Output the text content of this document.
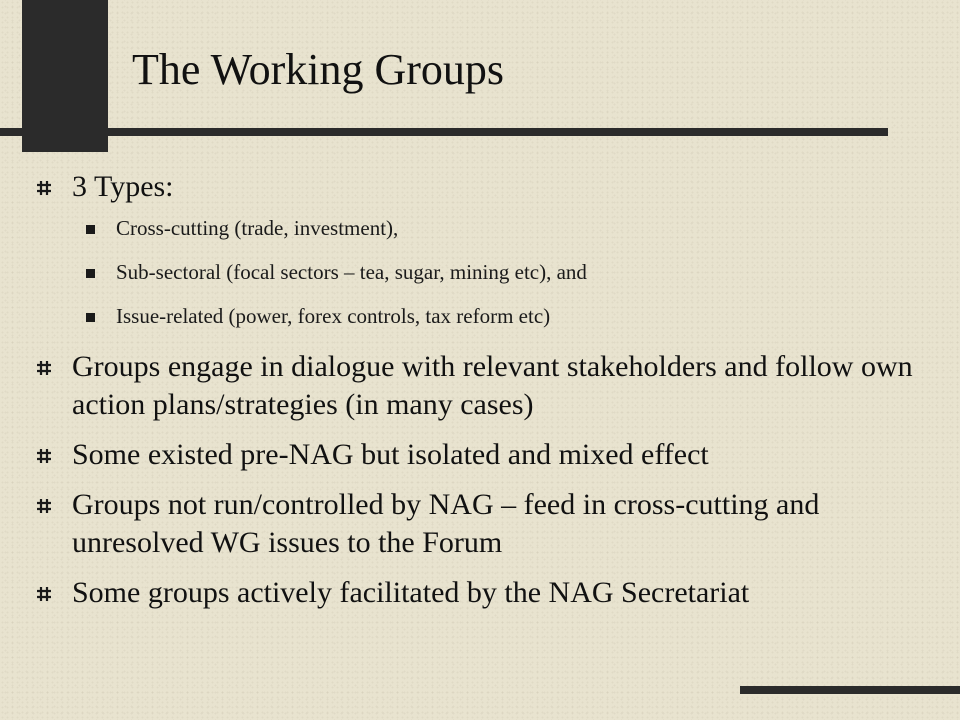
The Working Groups
3 Types:
Cross-cutting (trade, investment),
Sub-sectoral (focal sectors – tea, sugar, mining etc), and
Issue-related (power, forex controls, tax reform etc)
Groups engage in dialogue with relevant stakeholders and follow own action plans/strategies (in many cases)
Some existed pre-NAG but isolated and mixed effect
Groups not run/controlled by NAG – feed in cross-cutting and unresolved WG issues to the Forum
Some groups actively facilitated by the NAG Secretariat
